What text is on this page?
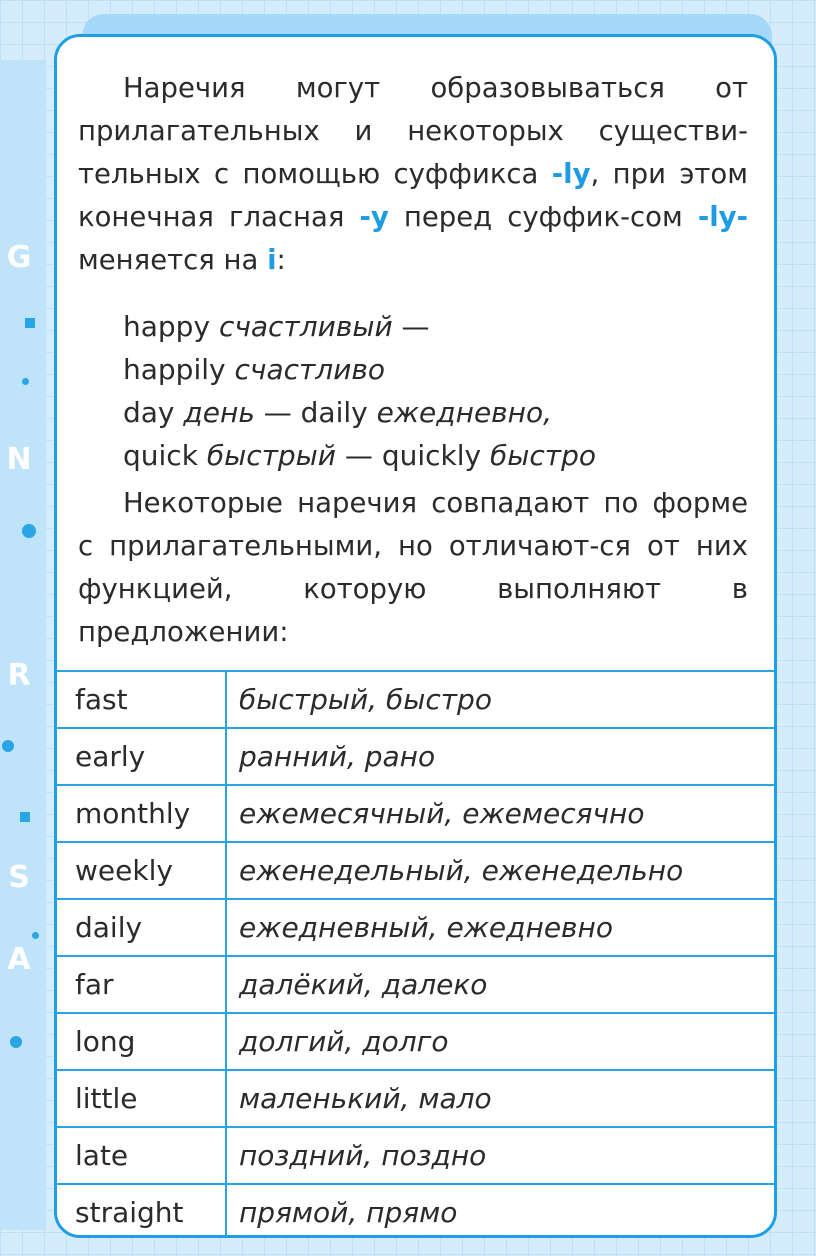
G
N
R
S
A

Наречия могут образовываться от прилагательных и некоторых существи-тельных с помощью суффикса -ly, при этом конечная гласная -y перед суффик-сом -ly- меняется на i:

happy счастливый —
happily счастливо
day день — daily ежедневно,
quick быстрый — quickly быстро

Некоторые наречия совпадают по форме с прилагательными, но отличают-ся от них функцией, которую выполняют в предложении:

fast	быстрый, быстро
early	ранний, рано
monthly	ежемесячный, ежемесячно
weekly	еженедельный, еженедельно
daily	ежедневный, ежедневно
far	далёкий, далеко
long	долгий, долго
little	маленький, мало
late	поздний, поздно
straight	прямой, прямо
